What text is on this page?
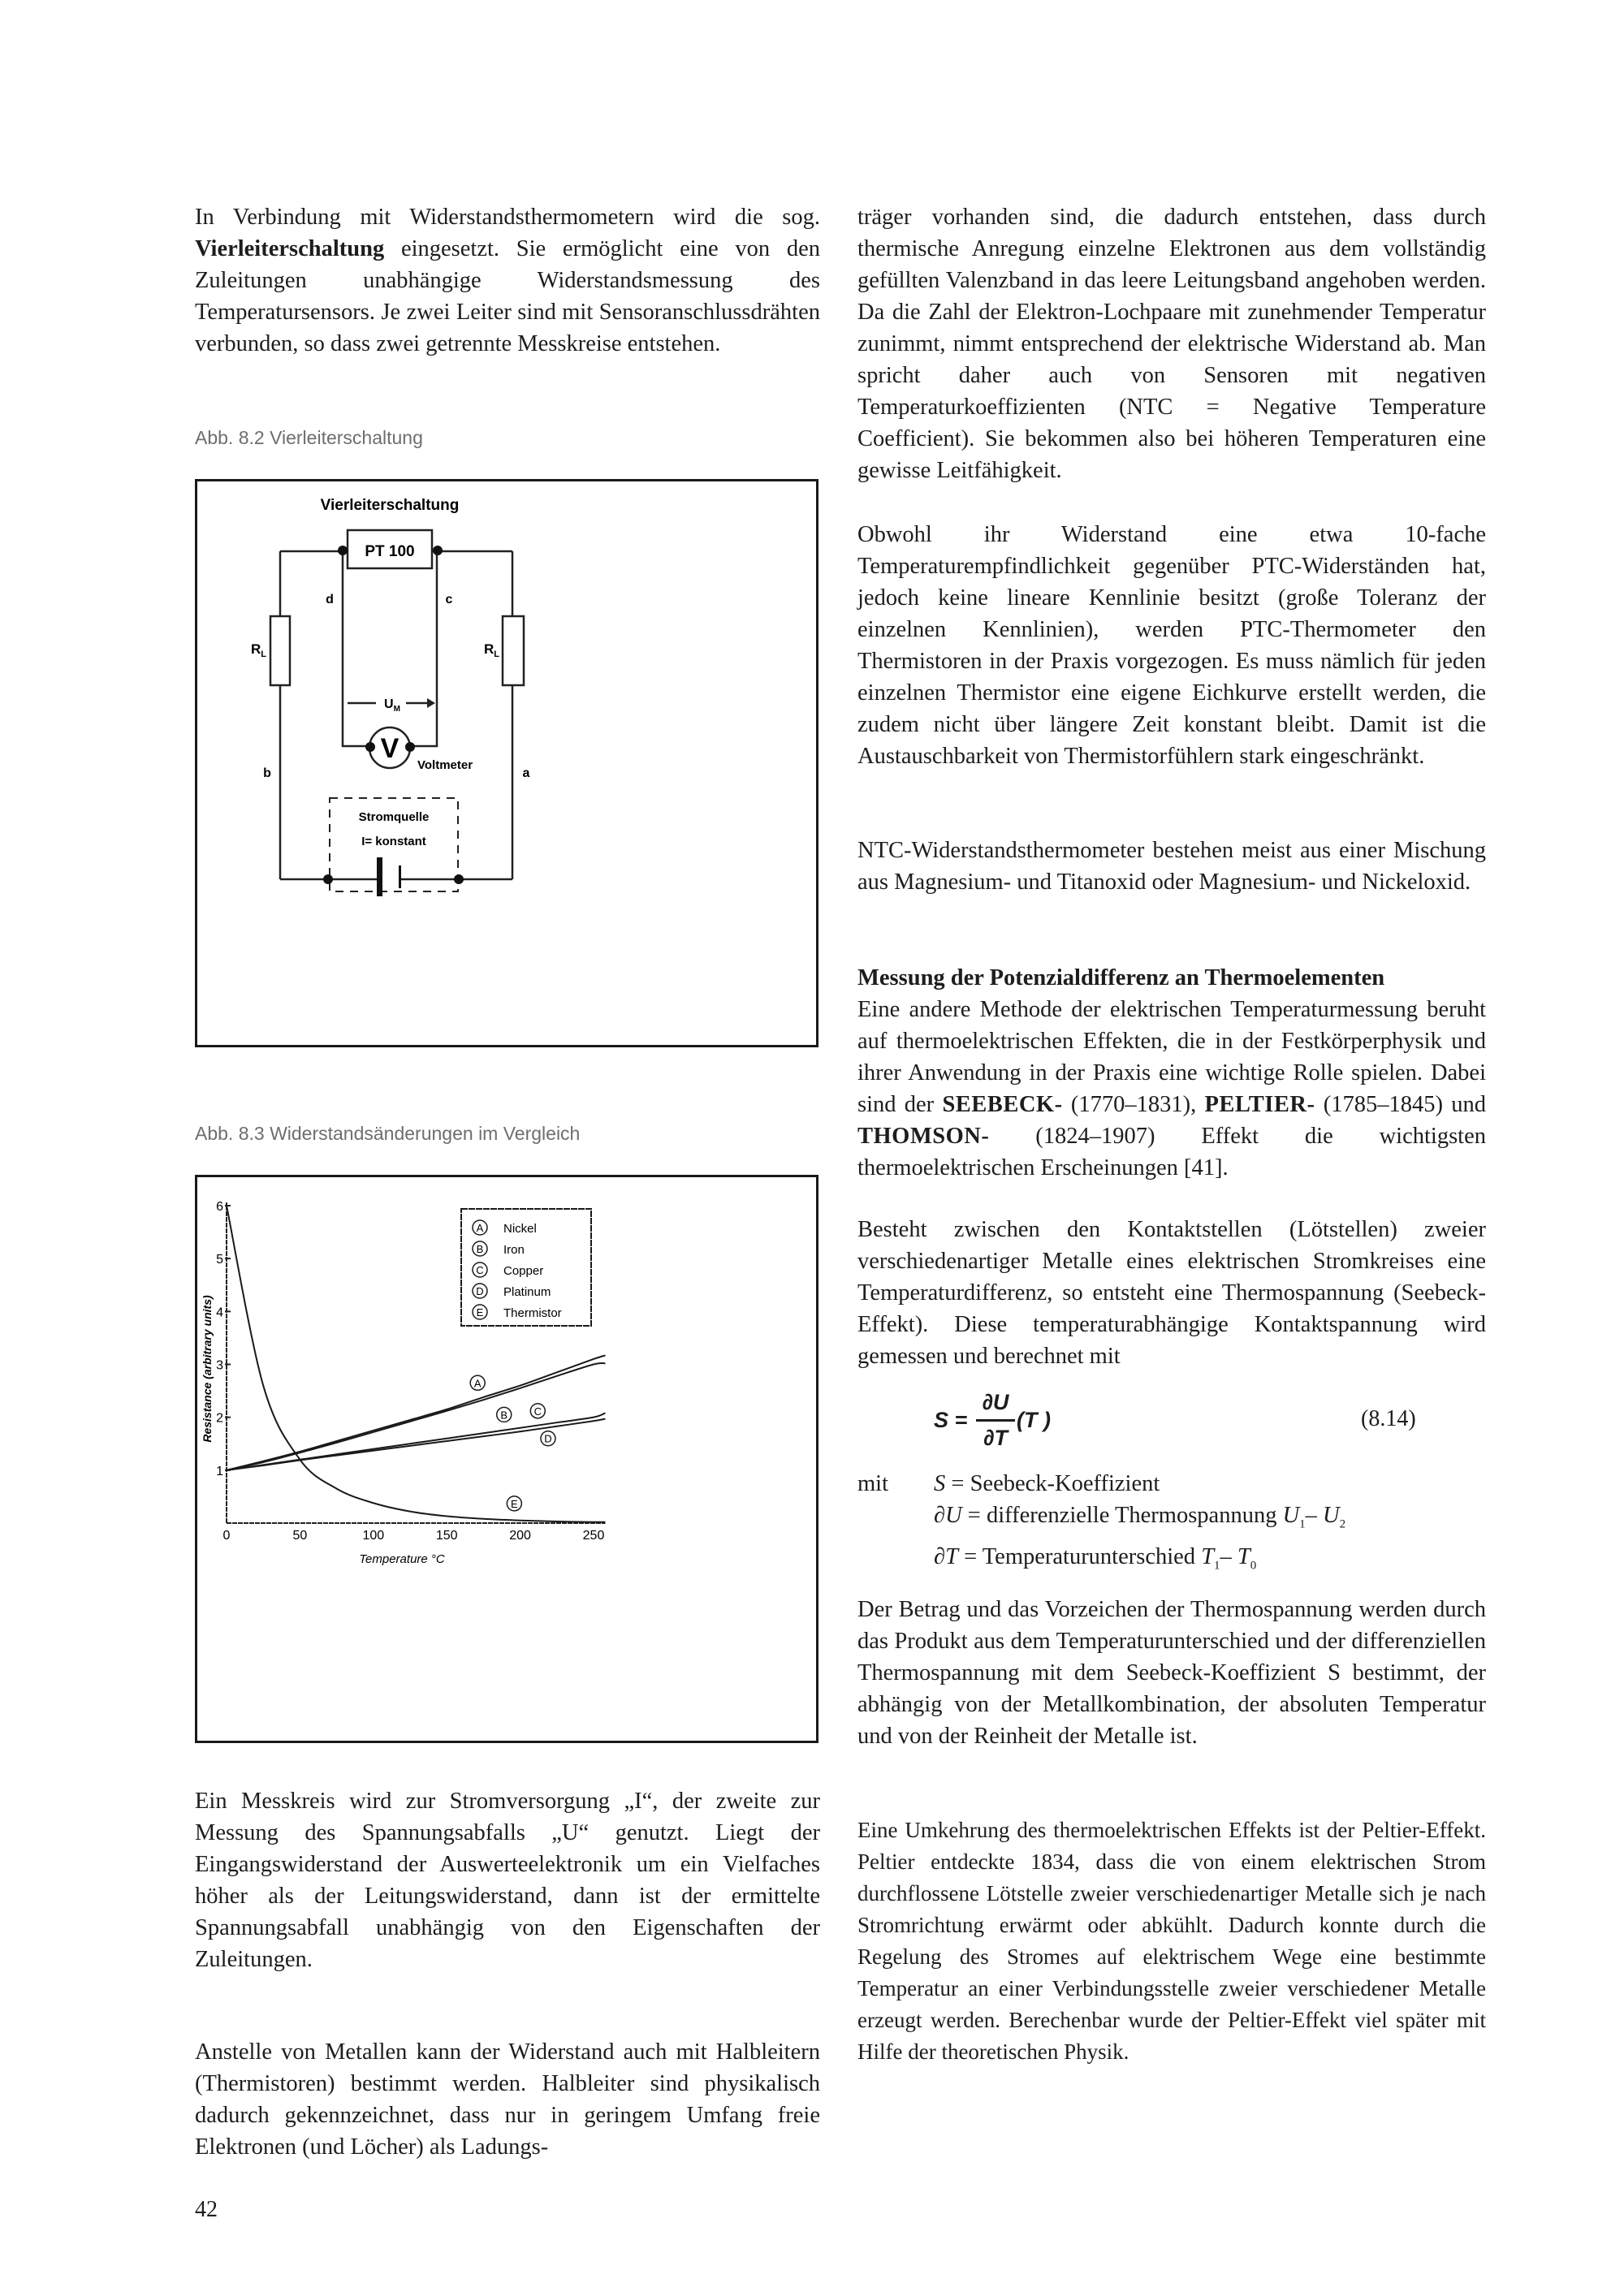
In Verbindung mit Widerstandsthermometern wird die sog. Vierleiterschaltung eingesetzt. Sie ermöglicht eine von den Zuleitungen unabhängige Widerstandsmessung des Temperatursensors. Je zwei Leiter sind mit Sensoranschlussdrähten verbunden, so dass zwei getrennte Messkreise entstehen.

Abb. 8.2 Vierleiterschaltung
Vierleiterschaltung
PT 100
d	c
b	a
$R_L$	$R_L$
$U_M$
V
Voltmeter
Stromquelle
I= konstant
Abb. 8.3 Widerstandsänderungen im Vergleich
0	50	100	150	200	250
1
2
3
4
5
6
A
B	C
D
E
A Nickel
B Iron
C Copper
D Platinum
E Thermistor
Temperature °C
Resistance (arbitrary units)

Ein Messkreis wird zur Stromversorgung „I“, der zweite zur Messung des Spannungsabfalls „U“ genutzt. Liegt der Eingangswiderstand der Auswerteelektronik um ein Vielfaches höher als der Leitungswiderstand, dann ist der ermittelte Spannungsabfall unabhängig von den Eigenschaften der Zuleitungen.

Anstelle von Metallen kann der Widerstand auch mit Halbleitern (Thermistoren) bestimmt werden. Halbleiter sind physikalisch dadurch gekennzeichnet, dass nur in geringem Umfang freie Elektronen (und Löcher) als Ladungs-

träger vorhanden sind, die dadurch entstehen, dass durch thermische Anregung einzelne Elektronen aus dem vollständig gefüllten Valenzband in das leere Leitungsband angehoben werden. Da die Zahl der Elektron-Lochpaare mit zunehmender Temperatur zunimmt, nimmt entsprechend der elektrische Widerstand ab. Man spricht daher auch von Sensoren mit negativen Temperaturkoeffizienten (NTC = Negative Temperature Coefficient). Sie bekommen also bei höheren Temperaturen eine gewisse Leitfähigkeit.

Obwohl ihr Widerstand eine etwa 10-fache Temperaturempfindlichkeit gegenüber PTC-Widerständen hat, jedoch keine lineare Kennlinie besitzt (große Toleranz der einzelnen Kennlinien), werden PTC-Thermometer den Thermistoren in der Praxis vorgezogen. Es muss nämlich für jeden einzelnen Thermistor eine eigene Eichkurve erstellt werden, die zudem nicht über längere Zeit konstant bleibt. Damit ist die Austauschbarkeit von Thermistorfühlern stark eingeschränkt.

NTC-Widerstandsthermometer bestehen meist aus einer Mischung aus Magnesium- und Titanoxid oder Magnesium- und Nickeloxid.

Messung der Potenzialdifferenz an Thermoelementen
Eine andere Methode der elektrischen Temperaturmessung beruht auf thermoelektrischen Effekten, die in der Festkörperphysik und ihrer Anwendung in der Praxis eine wichtige Rolle spielen. Dabei sind der SEEBECK- (1770–1831), PELTIER- (1785–1845) und THOMSON- (1824–1907) Effekt die wichtigsten thermoelektrischen Erscheinungen [41].

Besteht zwischen den Kontaktstellen (Lötstellen) zweier verschiedenartiger Metalle eines elektrischen Stromkreises eine Temperaturdifferenz, so entsteht eine Thermospannung (Seebeck-Effekt). Diese temperaturabhängige Kontaktspannung wird gemessen und berechnet mit

S =
∂U
∂T
(T )	(8.14)
mit S = Seebeck-Koeffizient
∂U = differenzielle Thermospannung $U_1-$ $U_2$
∂T = Temperaturunterschied $T_1-$ $T_0$

Der Betrag und das Vorzeichen der Thermospannung werden durch das Produkt aus dem Temperaturunterschied und der differenziellen Thermospannung mit dem Seebeck-Koeffizient S bestimmt, der abhängig von der Metallkombination, der absoluten Temperatur und von der Reinheit der Metalle ist.

Eine Umkehrung des thermoelektrischen Effekts ist der Peltier-Effekt. Peltier entdeckte 1834, dass die von einem elektrischen Strom durchflossene Lötstelle zweier verschiedenartiger Metalle sich je nach Stromrichtung erwärmt oder abkühlt. Dadurch konnte durch die Regelung des Stromes auf elektrischem Wege eine bestimmte Temperatur an einer Verbindungsstelle zweier verschiedener Metalle erzeugt werden. Berechenbar wurde der Peltier-Effekt viel später mit Hilfe der theoretischen Physik.

42
